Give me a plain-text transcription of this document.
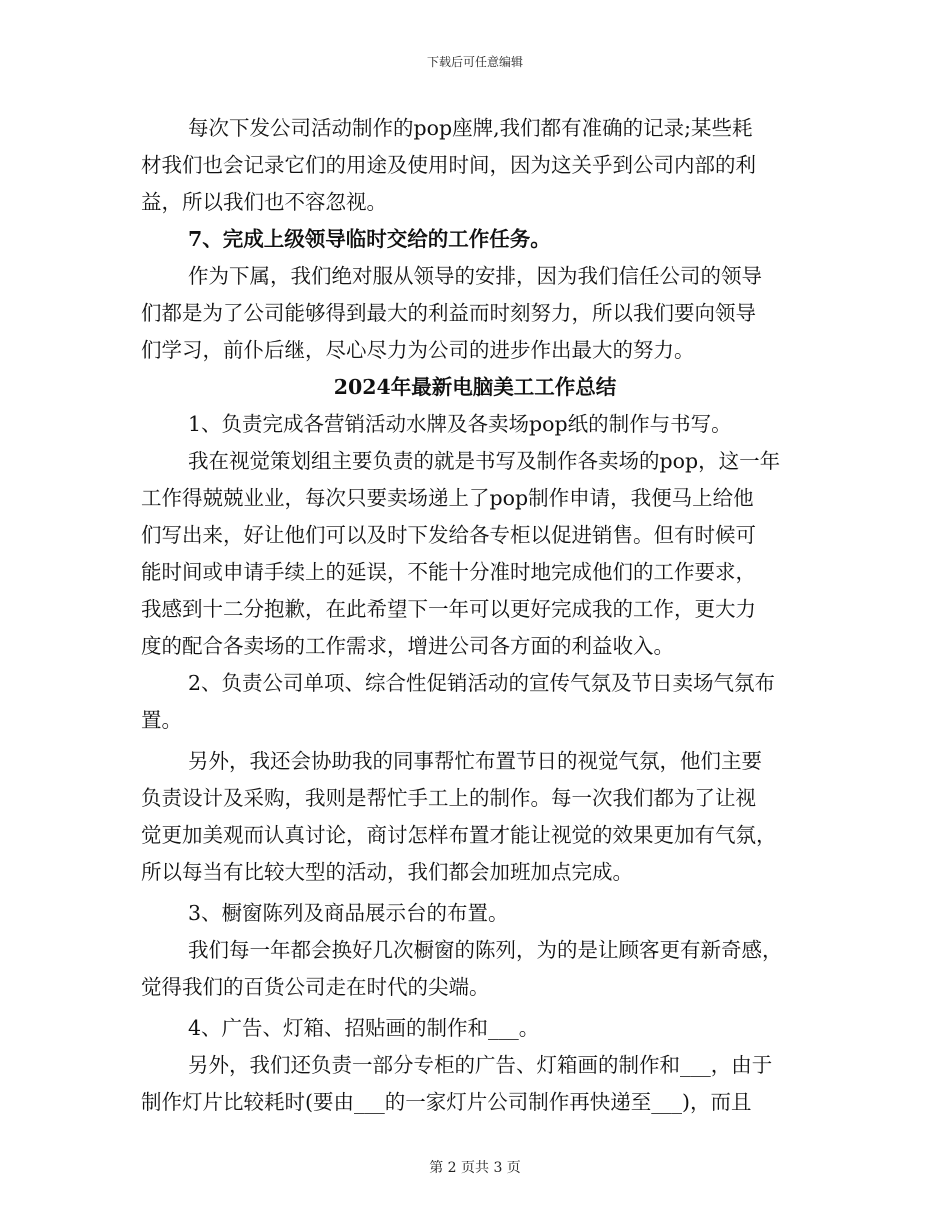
下载后可任意编辑
每次下发公司活动制作的pop座牌,我们都有准确的记录;某些耗
材我们也会记录它们的用途及使用时间，因为这关乎到公司内部的利
益，所以我们也不容忽视。
7、完成上级领导临时交给的工作任务。
作为下属，我们绝对服从领导的安排，因为我们信任公司的领导
们都是为了公司能够得到最大的利益而时刻努力，所以我们要向领导
们学习，前仆后继，尽心尽力为公司的进步作出最大的努力。
2024年最新电脑美工工作总结
1、负责完成各营销活动水牌及各卖场pop纸的制作与书写。
我在视觉策划组主要负责的就是书写及制作各卖场的pop，这一年
工作得兢兢业业，每次只要卖场递上了pop制作申请，我便马上给他
们写出来，好让他们可以及时下发给各专柜以促进销售。但有时候可
能时间或申请手续上的延误，不能十分准时地完成他们的工作要求，
我感到十二分抱歉，在此希望下一年可以更好完成我的工作，更大力
度的配合各卖场的工作需求，增进公司各方面的利益收入。
2、负责公司单项、综合性促销活动的宣传气氛及节日卖场气氛布
置。
另外，我还会协助我的同事帮忙布置节日的视觉气氛，他们主要
负责设计及采购，我则是帮忙手工上的制作。每一次我们都为了让视
觉更加美观而认真讨论，商讨怎样布置才能让视觉的效果更加有气氛，
所以每当有比较大型的活动，我们都会加班加点完成。
3、橱窗陈列及商品展示台的布置。
我们每一年都会换好几次橱窗的陈列，为的是让顾客更有新奇感，
觉得我们的百货公司走在时代的尖端。
4、广告、灯箱、招贴画的制作和___。
另外，我们还负责一部分专柜的广告、灯箱画的制作和___，由于
制作灯片比较耗时(要由___的一家灯片公司制作再快递至___)，而且
第 2 页共 3 页
